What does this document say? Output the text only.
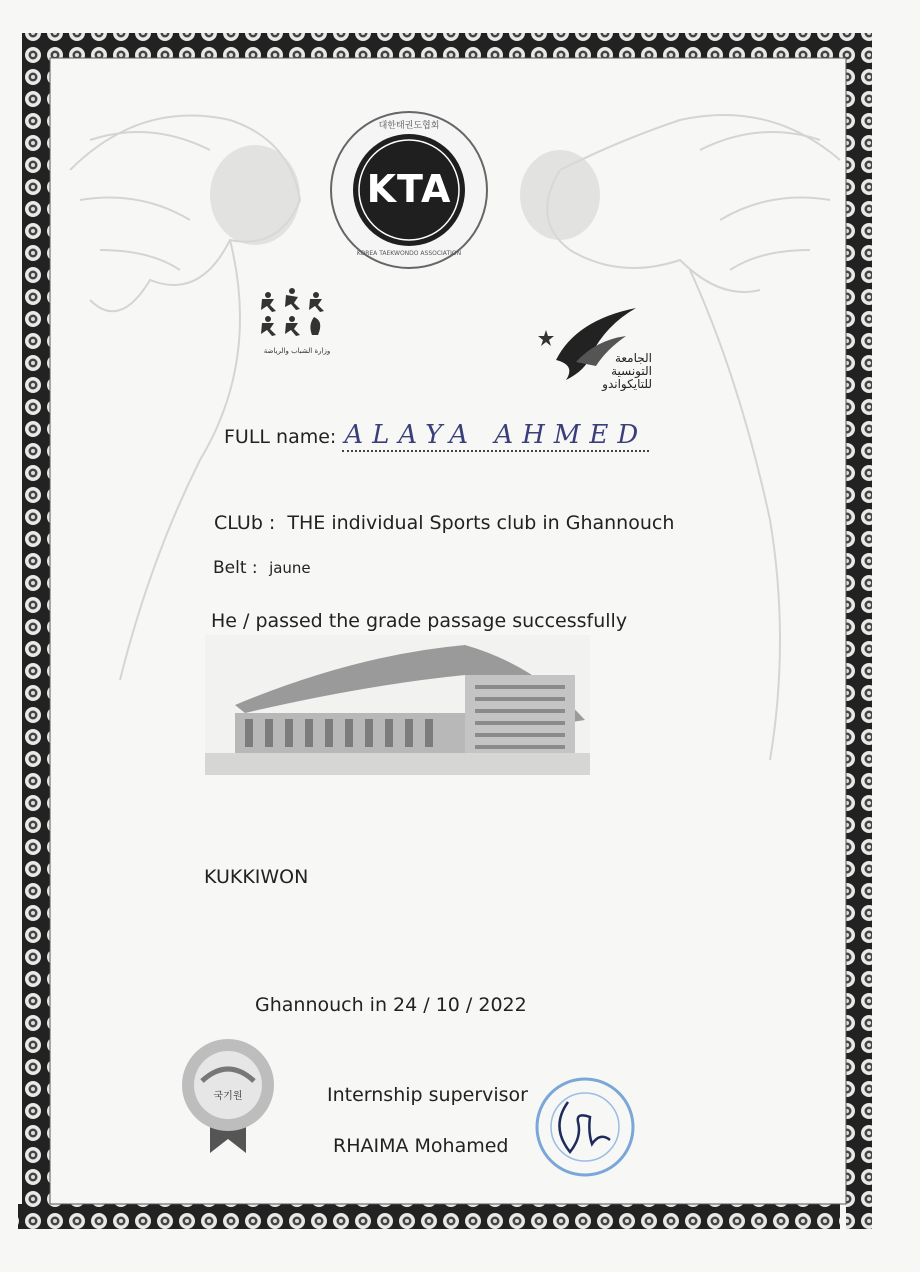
KTA
대한태권도협회
KOREA TAEKWONDO ASSOCIATION
وزارة الشباب والرياضة	الجامعة
التونسية
للتايكواندو
FULL name: ALAYA AHMED
CLUb : THE individual Sports club in Ghannouch
Belt : jaune
He / passed the grade passage successfully
KUKKIWON
Ghannouch in 24 / 10 / 2022
국기원	Internship supervisor
RHAIMA Mohamed
